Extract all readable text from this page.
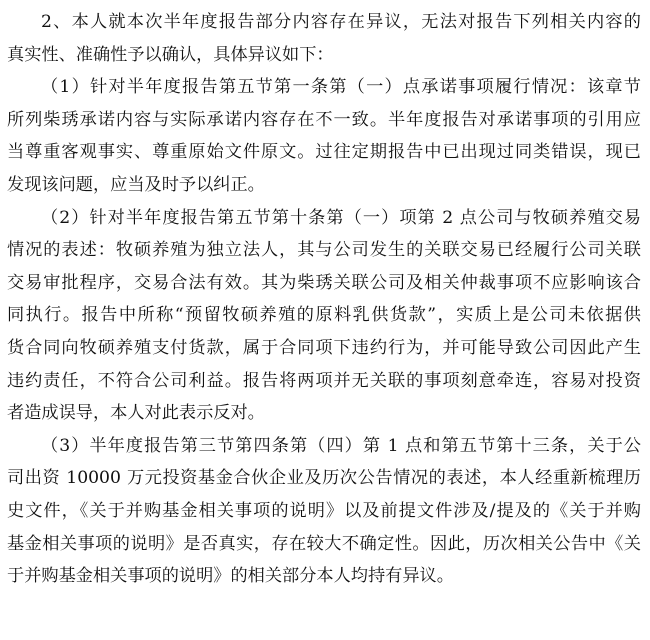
2、本人就本次半年度报告部分内容存在异议，无法对报告下列相关内容的
真实性、准确性予以确认，具体异议如下：
（1）针对半年度报告第五节第一条第（一）点承诺事项履行情况：该章节
所列柴琇承诺内容与实际承诺内容存在不一致。半年度报告对承诺事项的引用应
当尊重客观事实、尊重原始文件原文。过往定期报告中已出现过同类错误，现已
发现该问题，应当及时予以纠正。
（2）针对半年度报告第五节第十条第（一）项第 2 点公司与牧硕养殖交易
情况的表述：牧硕养殖为独立法人，其与公司发生的关联交易已经履行公司关联
交易审批程序，交易合法有效。其为柴琇关联公司及相关仲裁事项不应影响该合
同执行。报告中所称“预留牧硕养殖的原料乳供货款”，实质上是公司未依据供
货合同向牧硕养殖支付货款，属于合同项下违约行为，并可能导致公司因此产生
违约责任，不符合公司利益。报告将两项并无关联的事项刻意牵连，容易对投资
者造成误导，本人对此表示反对。
（3）半年度报告第三节第四条第（四）第 1 点和第五节第十三条，关于公
司出资 10000 万元投资基金合伙企业及历次公告情况的表述，本人经重新梳理历
史文件，《关于并购基金相关事项的说明》以及前提文件涉及/提及的《关于并购
基金相关事项的说明》是否真实，存在较大不确定性。因此，历次相关公告中《关
于并购基金相关事项的说明》的相关部分本人均持有异议。
